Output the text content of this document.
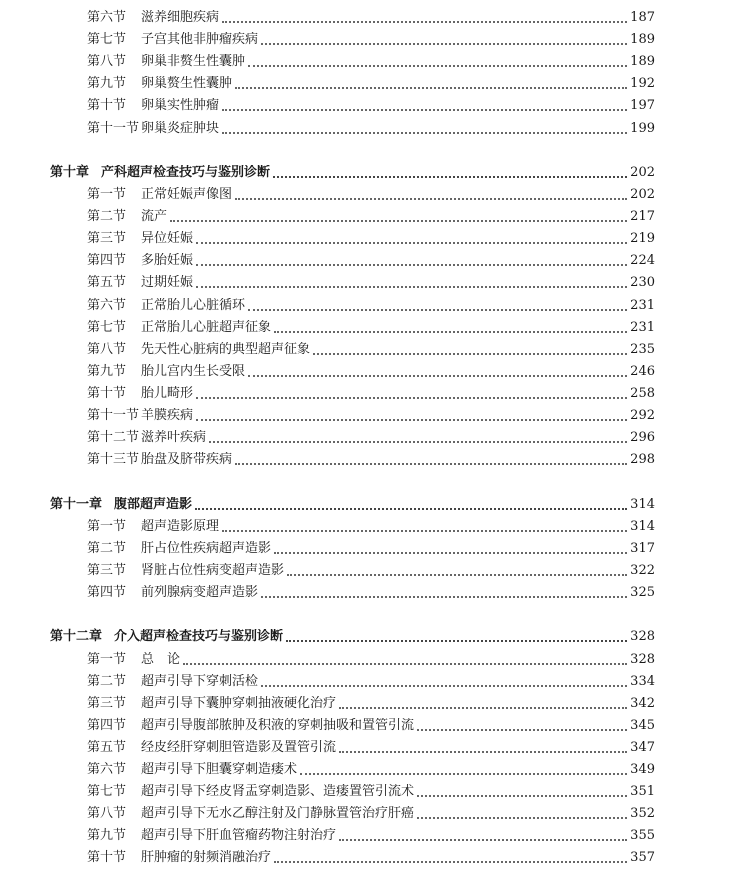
第六节	滋养细胞疾病	187
第七节	子宫其他非肿瘤疾病	189
第八节	卵巢非赘生性囊肿	189
第九节	卵巢赘生性囊肿	192
第十节	卵巢实性肿瘤	197
第十一节 卵巢炎症肿块	199
第十章 产科超声检查技巧与鉴别诊断	202
第一节	正常妊娠声像图	202
第二节	流产	217
第三节	异位妊娠	219
第四节	多胎妊娠	224
第五节	过期妊娠	230
第六节	正常胎儿心脏循环	231
第七节	正常胎儿心脏超声征象	231
第八节	先天性心脏病的典型超声征象	235
第九节	胎儿宫内生长受限	246
第十节	胎儿畸形	258
第十一节 羊膜疾病	292
第十二节 滋养叶疾病	296
第十三节 胎盘及脐带疾病	298
第十一章 腹部超声造影	314
第一节	超声造影原理	314
第二节	肝占位性疾病超声造影	317
第三节	肾脏占位性病变超声造影	322
第四节	前列腺病变超声造影	325
第十二章 介入超声检查技巧与鉴别诊断	328
第一节	总　论	328
第二节	超声引导下穿刺活检	334
第三节	超声引导下囊肿穿刺抽液硬化治疗	342
第四节	超声引导腹部脓肿及积液的穿刺抽吸和置管引流	345
第五节	经皮经肝穿刺胆管造影及置管引流	347
第六节	超声引导下胆囊穿刺造瘘术	349
第七节	超声引导下经皮肾盂穿刺造影、造瘘置管引流术	351
第八节	超声引导下无水乙醇注射及门静脉置管治疗肝癌	352
第九节	超声引导下肝血管瘤药物注射治疗	355
第十节	肝肿瘤的射频消融治疗	357
